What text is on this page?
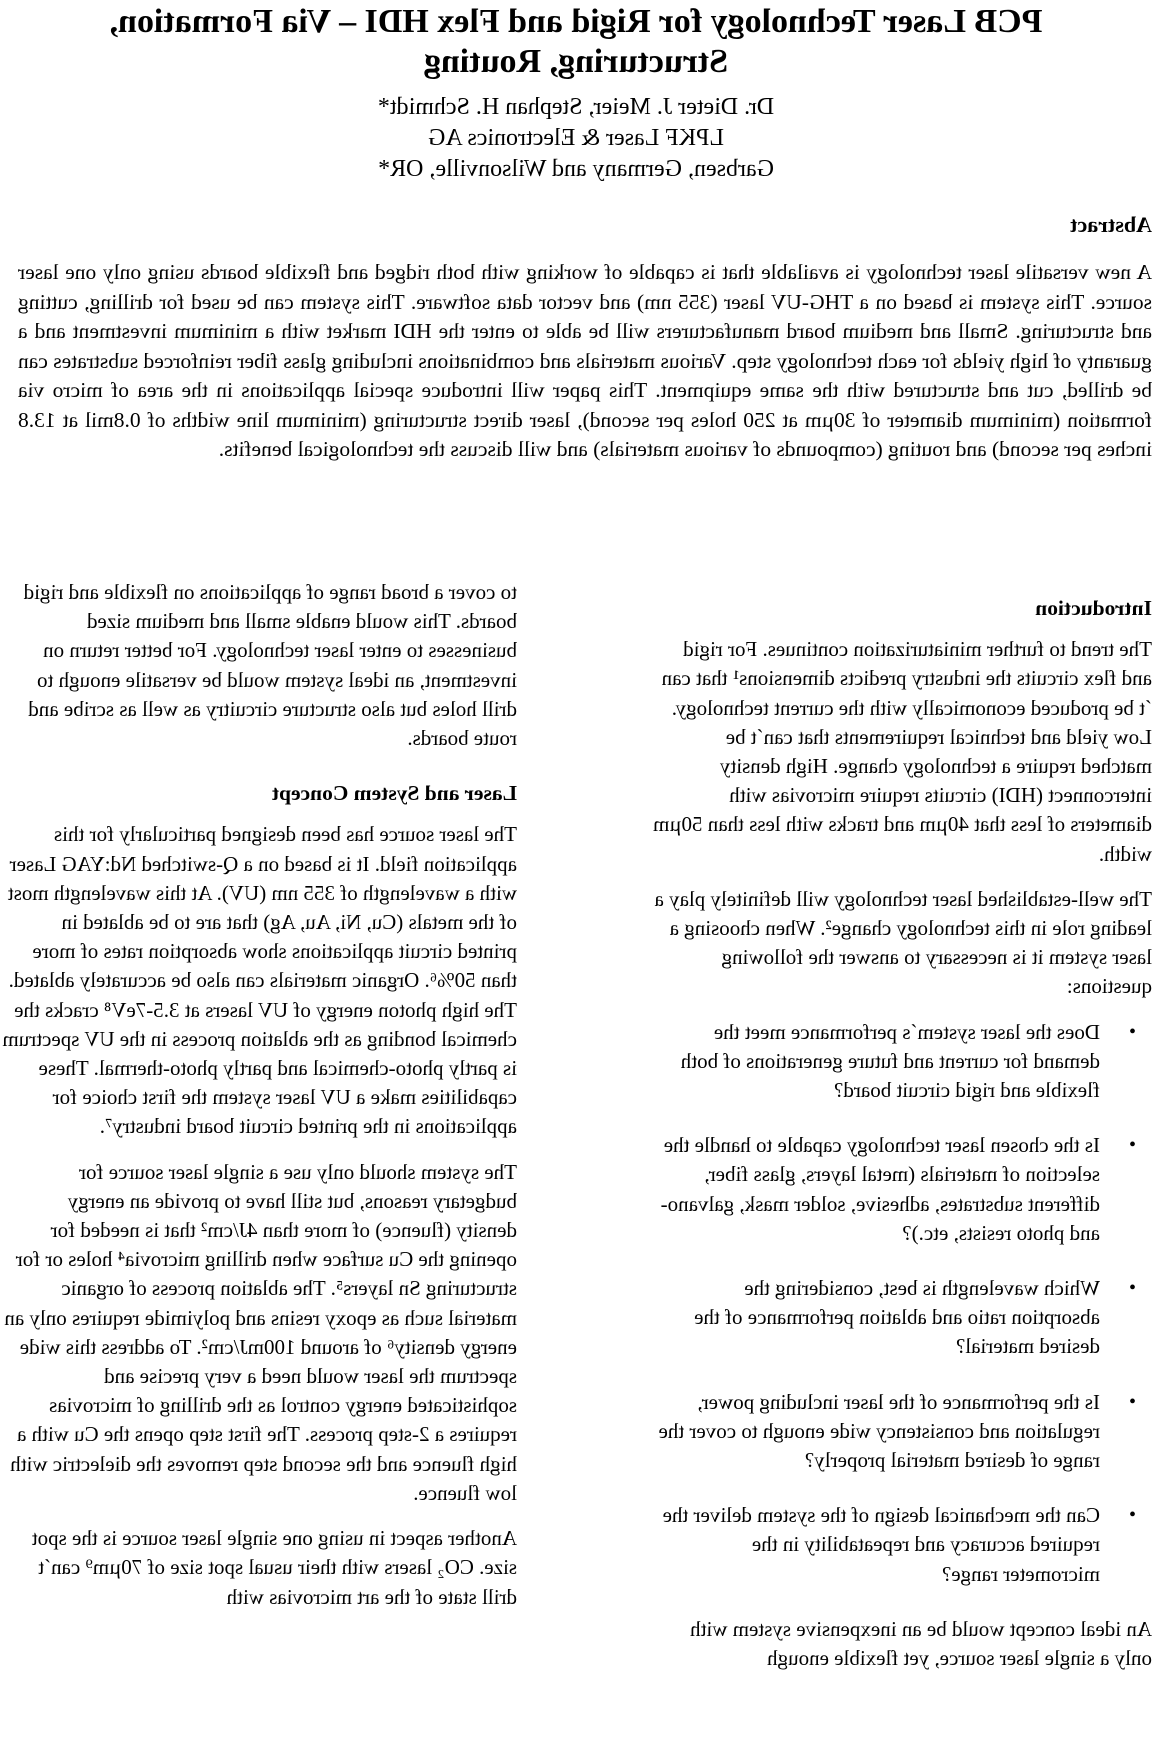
PCB Laser Technology for Rigid and Flex HDI – Via Formation, Structuring, Routing
Dr. Dieter J. Meier, Stephan H. Schmidt*
LPKF Laser & Electronics AG
Garbsen, Germany and Wilsonville, OR*
Abstract

A new versatile laser technology is available that is capable of working with both ridged and flexible boards using only one laser source. This system is based on a THG-UV laser (355 nm) and vector data software. This system can be used for drilling, cutting and structuring. Small and medium board manufacturers will be able to enter the HDI market with a minimum investment and a guaranty of high yields for each technology step. Various materials and combinations including glass fiber reinforced substrates can be drilled, cut and structured with the same equipment. This paper will introduce special applications in the area of micro via formation (minimum diameter of 30µm at 250 holes per second), laser direct structuring (minimum line widths of 0.8mil at 13.8 inches per second) and routing (compounds of various materials) and will discuss the technological benefits.

Introduction

The trend to further miniaturization continues. For rigid and flex circuits the industry predicts dimensions¹ that can´t be produced economically with the current technology. Low yield and technical requirements that can´t be matched require a technology change. High density interconnect (HDI) circuits require microvias with diameters of less that 40µm and tracks with less than 50µm width.

The well-established laser technology will definitely play a leading role in this technology change². When choosing a laser system it is necessary to answer the following questions:

•
Does the laser system´s performance meet the demand for current and future generations of both flexible and rigid circuit board?
•
Is the chosen laser technology capable to handle the selection of materials (metal layers, glass fiber, different substrates, adhesive, solder mask, galvano- and photo resists, etc.)?
•
Which wavelength is best, considering the absorption ratio and ablation performance of the desired material?
•
Is the performance of the laser including power, regulation and consistency wide enough to cover the range of desired material properly?
•
Can the mechanical design of the system deliver the required accuracy and repeatability in the micrometer range?

An ideal concept would be an inexpensive system with only a single laser source, yet flexible enough

to cover a broad range of applications on flexible and rigid boards. This would enable small and medium sized businesses to enter laser technology. For better return on investment, an ideal system would be versatile enough to drill holes but also structure circuitry as well as scribe and route boards.

Laser and System Concept

The laser source has been designed particularly for this application field. It is based on a Q-switched Nd:YAG Laser with a wavelength of 355 nm (UV). At this wavelength most of the metals (Cu, Ni, Au, Ag) that are to be ablated in printed circuit applications show absorption rates of more than 50%⁶. Organic materials can also be accurately ablated. The high photon energy of UV lasers at 3.5-7eV⁸ cracks the chemical bonding as the ablation process in the UV spectrum is partly photo-chemical and partly photo-thermal. These capabilities make a UV laser system the first choice for applications in the printed circuit board industry⁷.

The system should only use a single laser source for budgetary reasons, but still have to provide an energy density (fluence) of more than 4J/cm² that is needed for opening the Cu surface when drilling microvia⁴ holes or for structuring Sn layers⁵. The ablation process of organic material such as epoxy resins and polyimide requires only an energy density⁶ of around 100mJ/cm². To address this wide spectrum the laser would need a very precise and sophisticated energy control as the drilling of microvias requires a 2-step process. The first step opens the Cu with a high fluence and the second step removes the dielectric with low fluence.

Another aspect in using one single laser source is the spot size. CO₂ lasers with their usual spot size of 70µm⁹ can´t drill state of the art microvias with
